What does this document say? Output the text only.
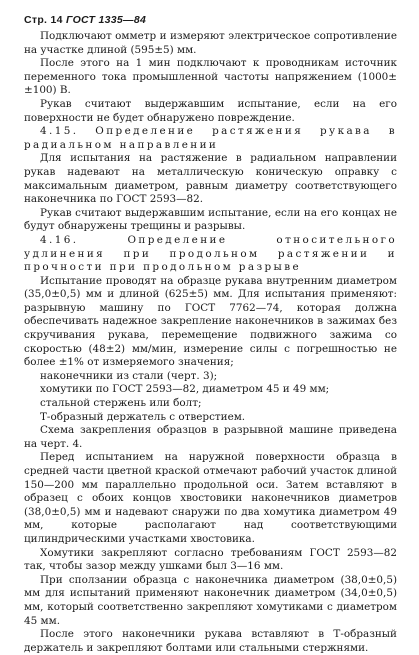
Стр. 14 ГОСТ 1335—84

Подключают омметр и измеряют электрическое сопротивление на участке длиной (595±5) мм.

После этого на 1 мин подключают к проводникам источник переменного тока промышленной частоты напряжением (1000±±100) В.

Рукав считают выдержавшим испытание, если на его поверхности не будет обнаружено повреждение.

4.15. Определение растяжения рукава в радиальном направлении

Для испытания на растяжение в радиальном направлении рукав надевают на металлическую коническую оправку с максимальным диаметром, равным диаметру соответствующего наконечника по ГОСТ 2593—82.

Рукав считают выдержавшим испытание, если на его концах не будут обнаружены трещины и разрывы.

4.16. Определение относительного удлинения при продольном растяжении и прочности при продольном разрыве

Испытание проводят на образце рукава внутренним диаметром (35,0±0,5) мм и длиной (625±5) мм. Для испытания применяют: разрывную машину по ГОСТ 7762—74, которая должна обеспечивать надежное закрепление наконечников в зажимах без скручивания рукава, перемещение подвижного зажима со скоростью (48±2) мм/мин, измерение силы с погрешностью не более ±1% от измеряемого значения;

наконечники из стали (черт. 3);

хомутики по ГОСТ 2593—82, диаметром 45 и 49 мм;

стальной стержень или болт;

Т-образный держатель с отверстием.

Схема закрепления образцов в разрывной машине приведена на черт. 4.

Перед испытанием на наружной поверхности образца в средней части цветной краской отмечают рабочий участок длиной 150—200 мм параллельно продольной оси. Затем вставляют в образец с обоих концов хвостовики наконечников диаметров (38,0±0,5) мм и надевают снаружи по два хомутика диаметром 49 мм, которые располагают над соответствующими цилиндрическими участками хвостовика.

Хомутики закрепляют согласно требованиям ГОСТ 2593—82 так, чтобы зазор между ушками был 3—16 мм.

При сползании образца с наконечника диаметром (38,0±0,5) мм для испытаний применяют наконечник диаметром (34,0±0,5) мм, который соответственно закрепляют хомутиками с диаметром 45 мм.

После этого наконечники рукава вставляют в Т-образный держатель и закрепляют болтами или стальными стержнями.
